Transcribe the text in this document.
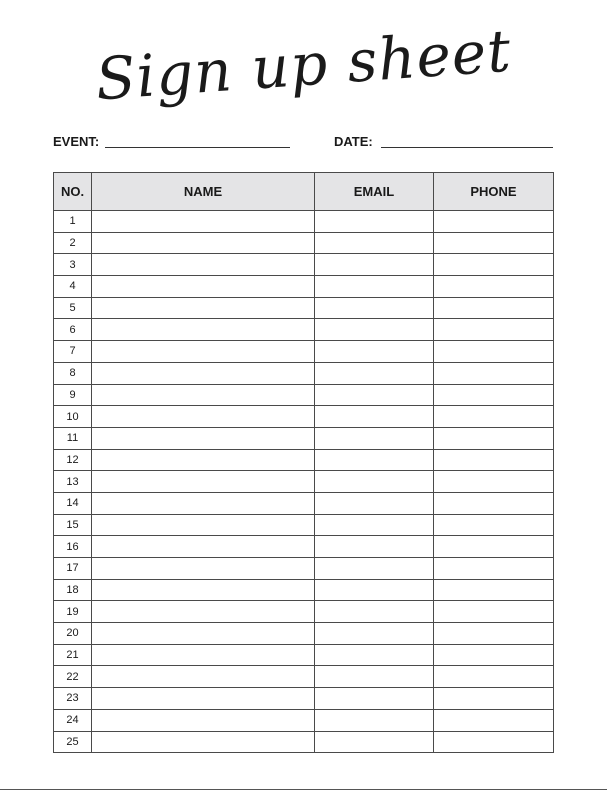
Sign up sheet
EVENT:	DATE:
NO.	NAME	EMAIL	PHONE
1			
2			
3			
4			
5			
6			
7			
8			
9			
10			
11			
12			
13			
14			
15			
16			
17			
18			
19			
20			
21			
22			
23			
24			
25			
